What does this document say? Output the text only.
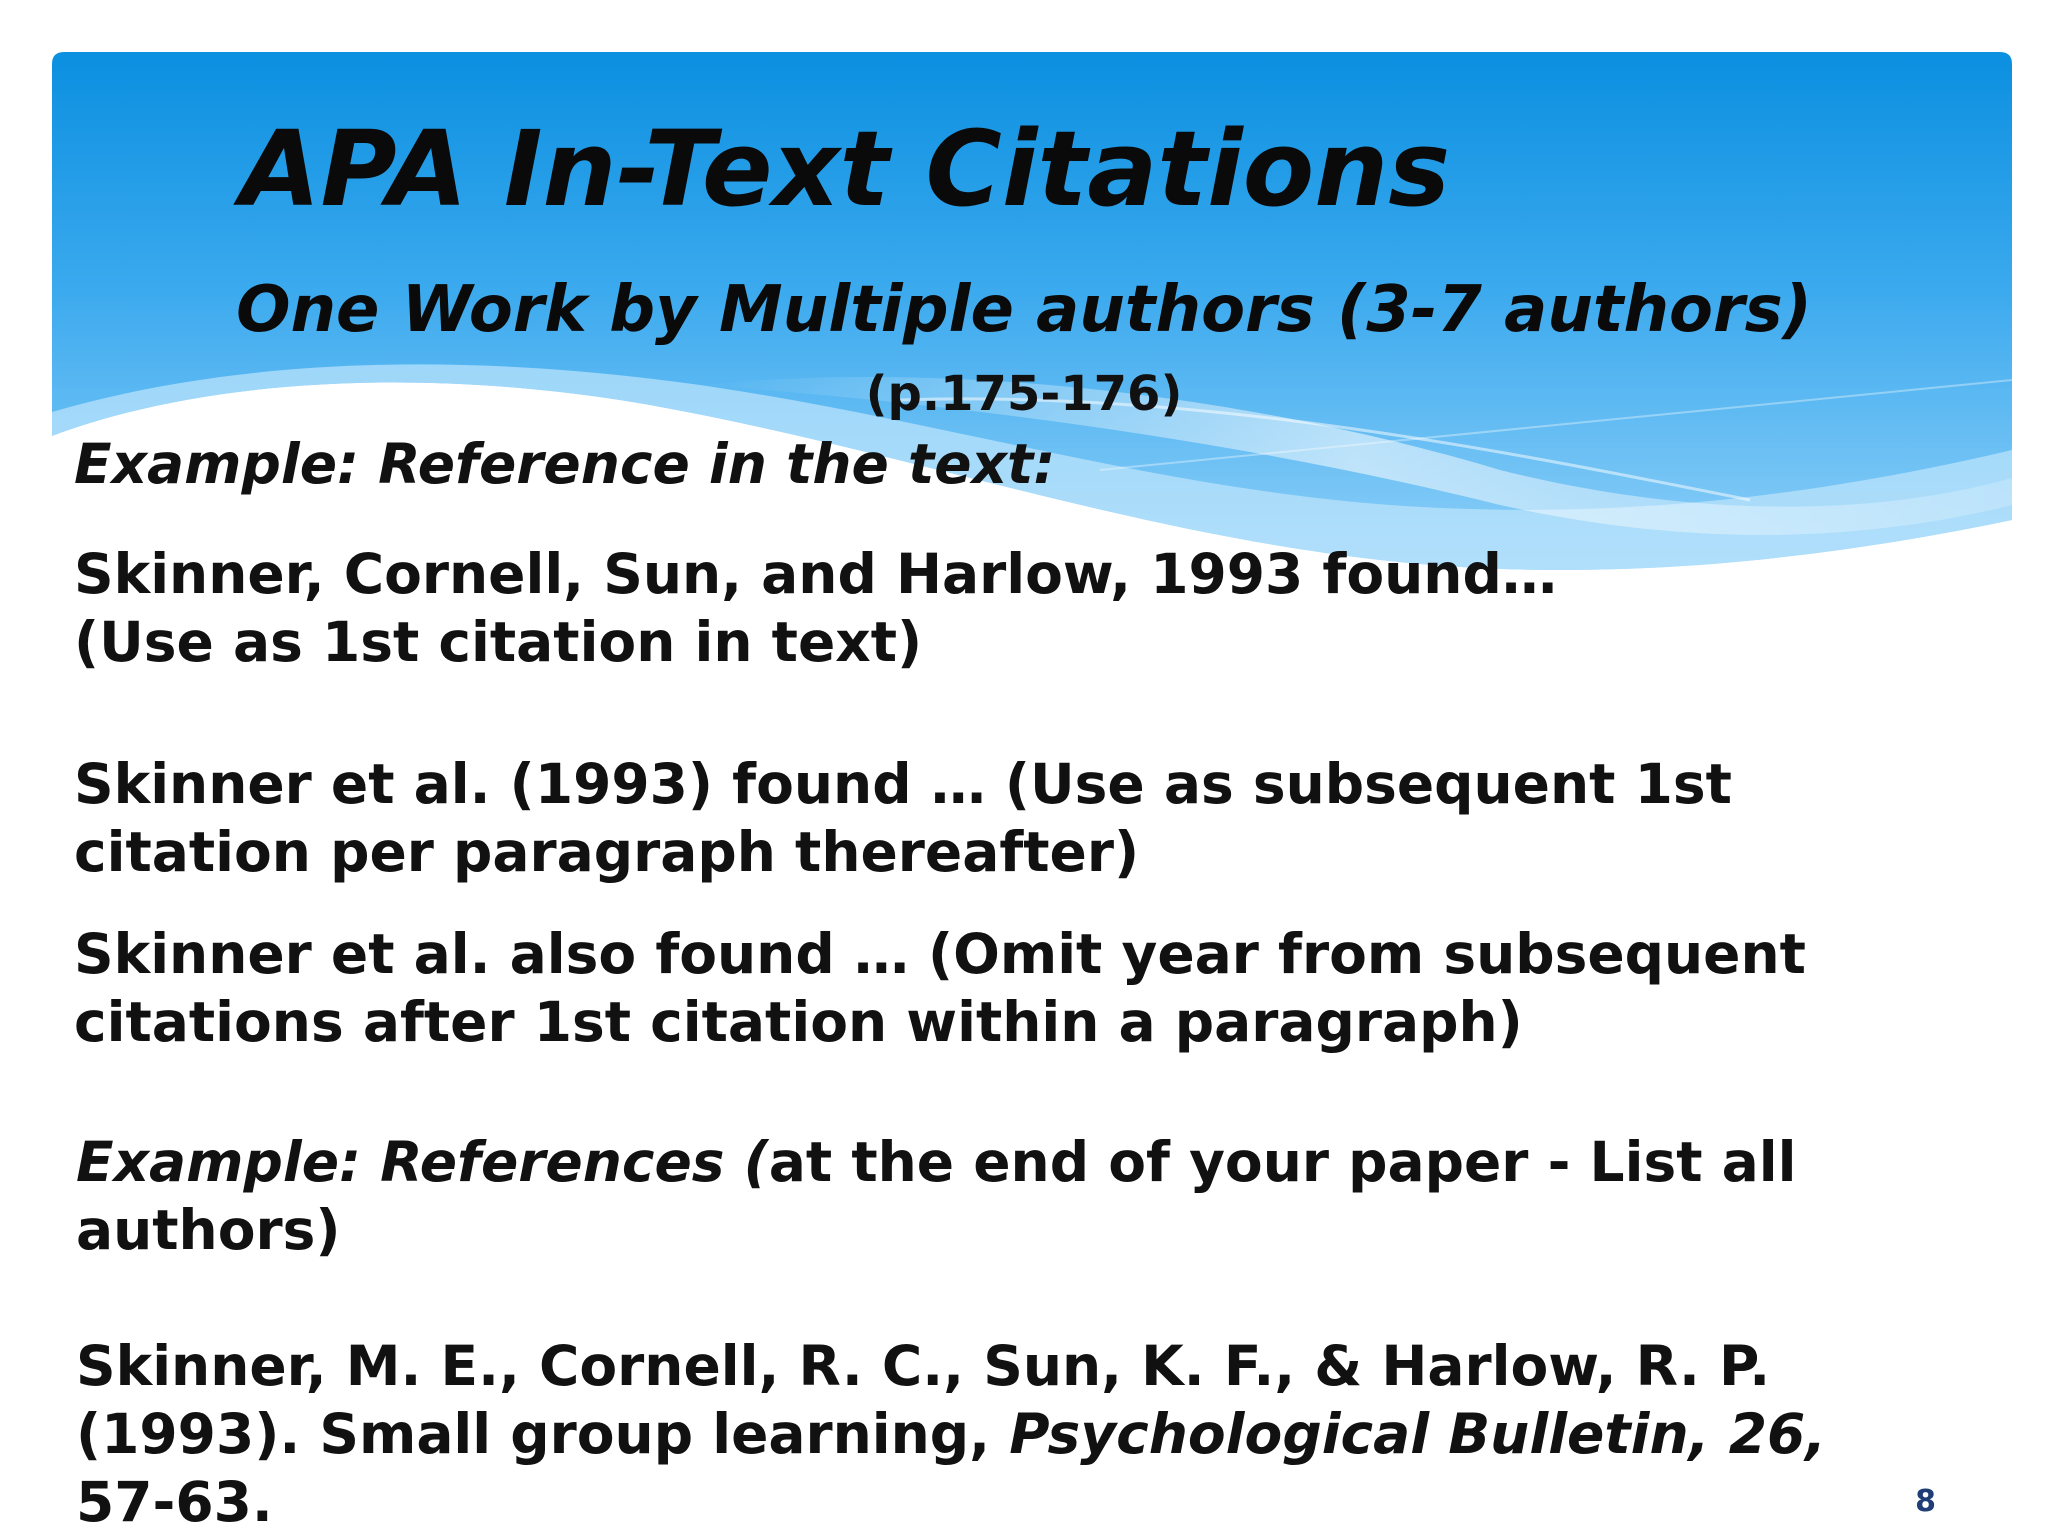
APA In-Text Citations
One Work by Multiple authors (3-7 authors)
(p.175-176)

Example: Reference in the text:

Skinner, Cornell, Sun, and Harlow, 1993 found…
(Use as 1st citation in text)

Skinner et al. (1993) found … (Use as subsequent 1st
citation per paragraph thereafter)

Skinner et al. also found … (Omit year from subsequent
citations after 1st citation within a paragraph)

Example: References (at the end of your paper - List all
authors)

Skinner, M. E., Cornell, R. C., Sun, K. F., & Harlow, R. P.
(1993). Small group learning, Psychological Bulletin, 26,
57-63.	8
